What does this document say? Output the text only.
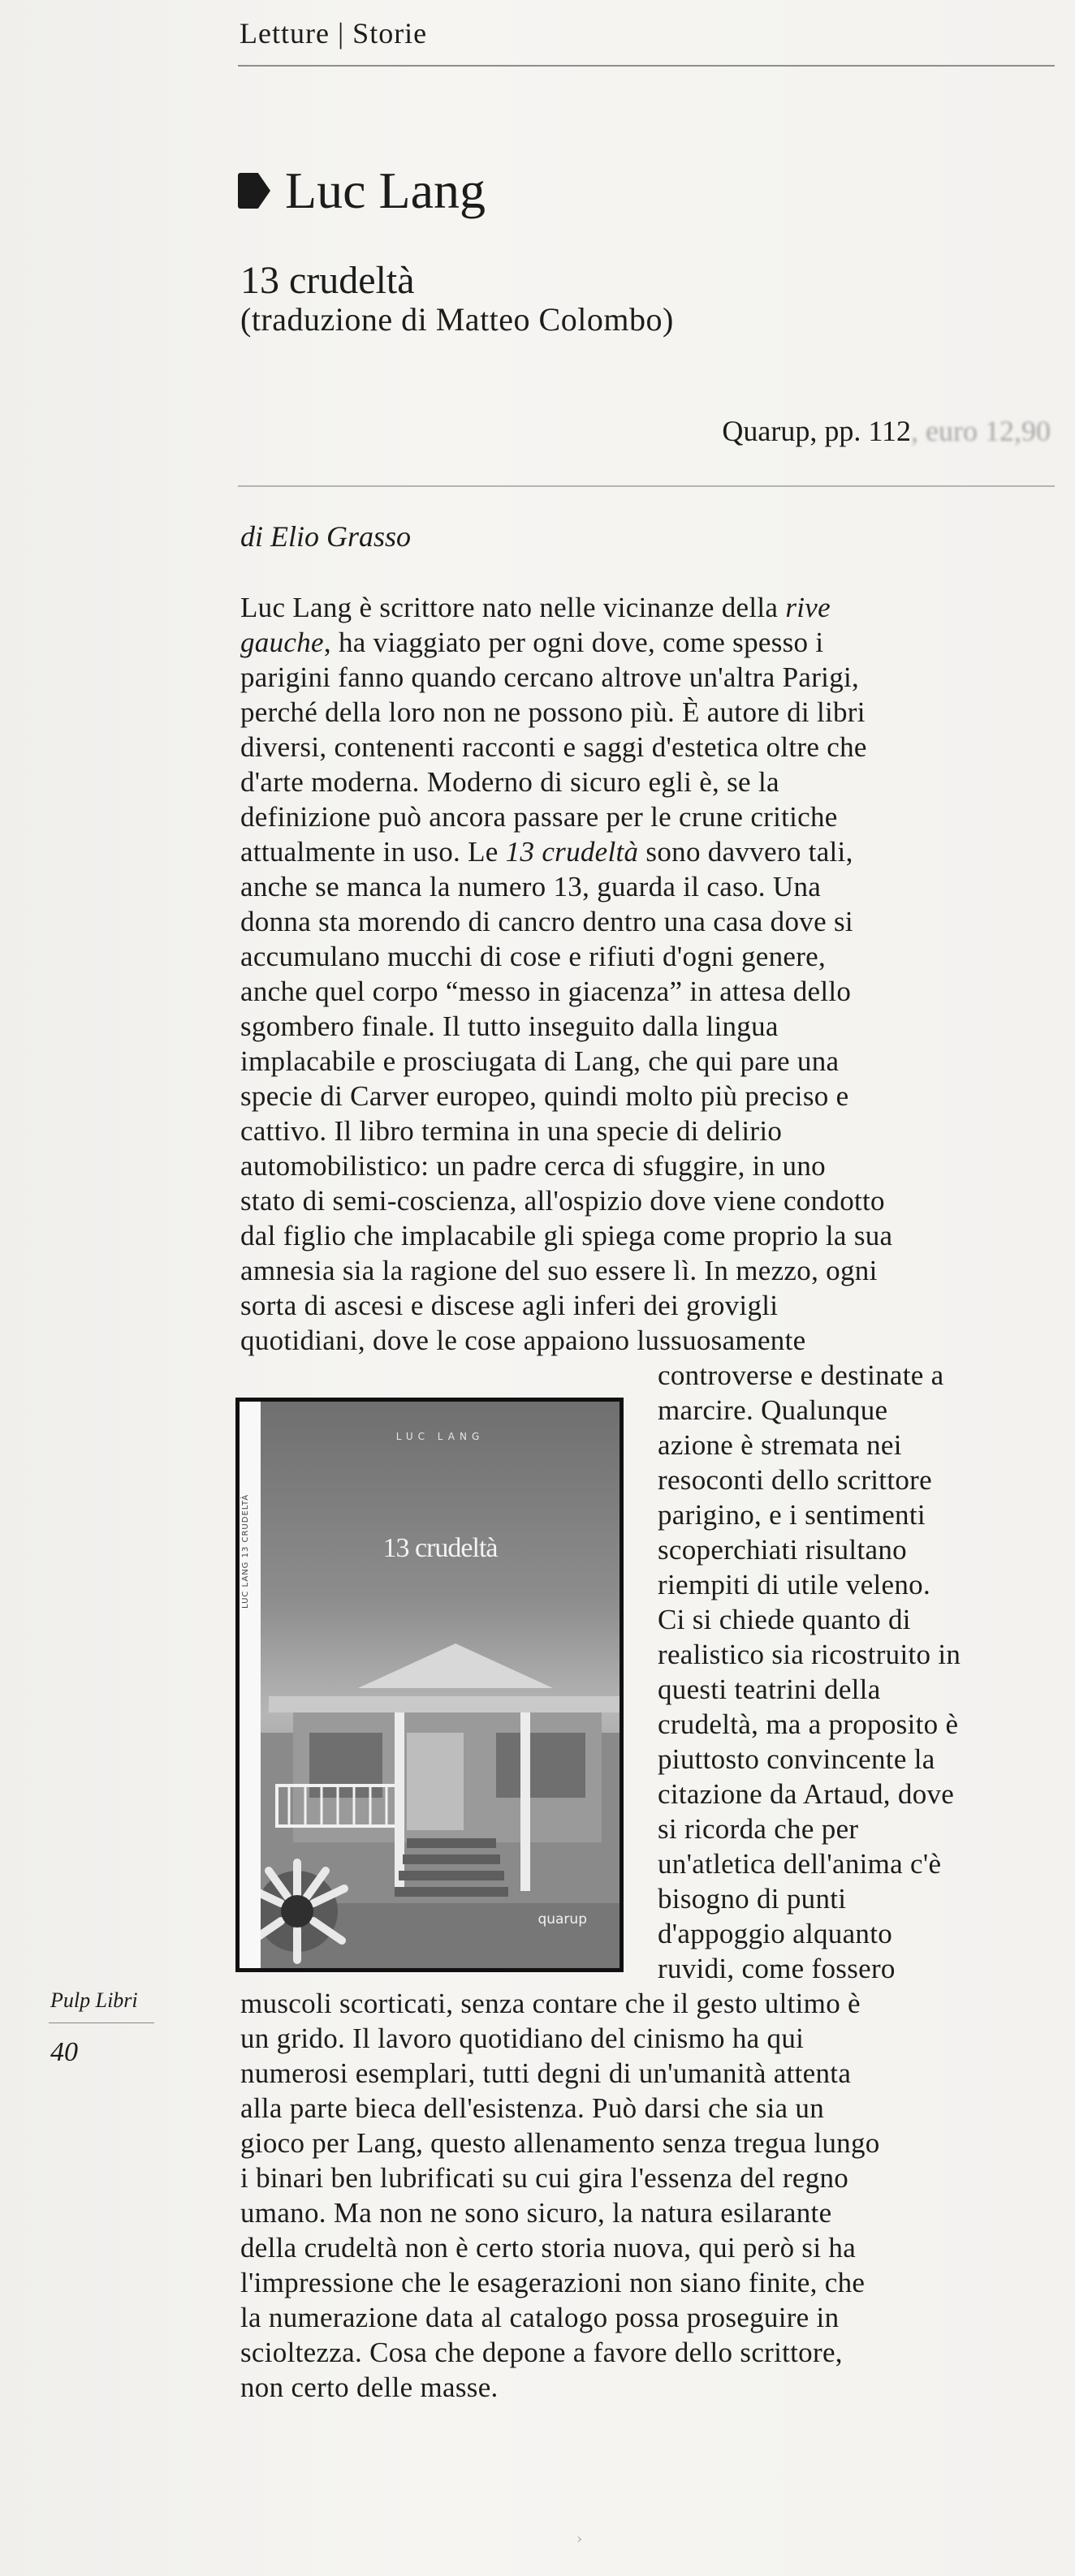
Letture | Storie
Luc Lang
13 crudeltà
(traduzione di Matteo Colombo)
Quarup, pp. 112, euro 12,90
di Elio Grasso
Luc Lang è scrittore nato nelle vicinanze della rive
gauche, ha viaggiato per ogni dove, come spesso i
parigini fanno quando cercano altrove un'altra Parigi,
perché della loro non ne possono più. È autore di libri
diversi, contenenti racconti e saggi d'estetica oltre che
d'arte moderna. Moderno di sicuro egli è, se la
definizione può ancora passare per le crune critiche
attualmente in uso. Le 13 crudeltà sono davvero tali,
anche se manca la numero 13, guarda il caso. Una
donna sta morendo di cancro dentro una casa dove si
accumulano mucchi di cose e rifiuti d'ogni genere,
anche quel corpo “messo in giacenza” in attesa dello
sgombero finale. Il tutto inseguito dalla lingua
implacabile e prosciugata di Lang, che qui pare una
specie di Carver europeo, quindi molto più preciso e
cattivo. Il libro termina in una specie di delirio
automobilistico: un padre cerca di sfuggire, in uno
stato di semi-coscienza, all'ospizio dove viene condotto
dal figlio che implacabile gli spiega come proprio la sua
amnesia sia la ragione del suo essere lì. In mezzo, ogni
sorta di ascesi e discese agli inferi dei grovigli
quotidiani, dove le cose appaiono lussuosamente
controverse e destinate a
marcire. Qualunque
azione è stremata nei
resoconti dello scrittore
parigino, e i sentimenti
scoperchiati risultano
riempiti di utile veleno.
Ci si chiede quanto di
realistico sia ricostruito in
questi teatrini della
crudeltà, ma a proposito è
piuttosto convincente la
citazione da Artaud, dove
si ricorda che per
un'atletica dell'anima c'è
bisogno di punti
d'appoggio alquanto
ruvidi, come fossero
muscoli scorticati, senza contare che il gesto ultimo è
un grido. Il lavoro quotidiano del cinismo ha qui
numerosi esemplari, tutti degni di un'umanità attenta
alla parte bieca dell'esistenza. Può darsi che sia un
gioco per Lang, questo allenamento senza tregua lungo
i binari ben lubrificati su cui gira l'essenza del regno
umano. Ma non ne sono sicuro, la natura esilarante
della crudeltà non è certo storia nuova, qui però si ha
l'impressione che le esagerazioni non siano finite, che
la numerazione data al catalogo possa proseguire in
scioltezza. Cosa che depone a favore dello scrittore,
non certo delle masse.
LUC LANG 13 CRUDELTÀ
LUC LANG
13 crudeltà
quarup
Pulp Libri
40
›
